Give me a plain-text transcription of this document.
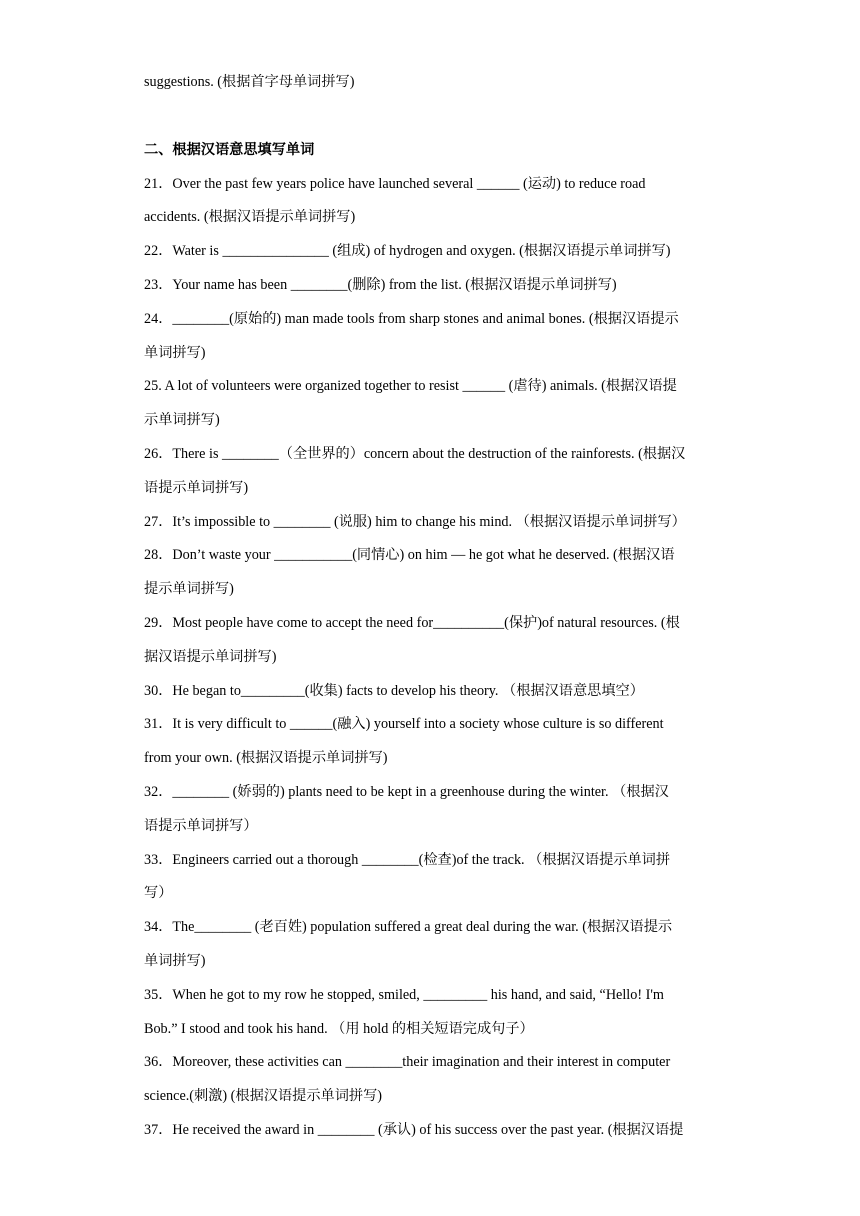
suggestions. (根据首字母单词拼写)
二、根据汉语意思填写单词
21．Over the past few years police have launched several ______ (运动) to reduce road
accidents. (根据汉语提示单词拼写)
22．Water is _______________ (组成) of hydrogen and oxygen. (根据汉语提示单词拼写)
23．Your name has been ________(删除) from the list. (根据汉语提示单词拼写)
24．________(原始的) man made tools from sharp stones and animal bones. (根据汉语提示
单词拼写)
25. A lot of volunteers were organized together to resist ______ (虐待) animals. (根据汉语提
示单词拼写)
26．There is ________（全世界的）concern about the destruction of the rainforests. (根据汉
语提示单词拼写)
27．It’s impossible to ________ (说服) him to change his mind. （根据汉语提示单词拼写）
28．Don’t waste your ___________(同情心) on him — he got what he deserved. (根据汉语
提示单词拼写)
29．Most people have come to accept the need for__________(保护)of natural resources. (根
据汉语提示单词拼写)
30．He began to_________(收集) facts to develop his theory. （根据汉语意思填空）
31．It is very difficult to ______(融入) yourself into a society whose culture is so different
from your own. (根据汉语提示单词拼写)
32．________ (娇弱的) plants need to be kept in a greenhouse during the winter. （根据汉
语提示单词拼写）
33．Engineers carried out a thorough ________(检查)of the track. （根据汉语提示单词拼
写）
34．The________ (老百姓) population suffered a great deal during the war. (根据汉语提示
单词拼写)
35．When he got to my row he stopped, smiled, _________ his hand, and said, “Hello! I'm
Bob.” I stood and took his hand. （用 hold 的相关短语完成句子）
36．Moreover, these activities can ________their imagination and their interest in computer
science.(刺激) (根据汉语提示单词拼写)
37．He received the award in ________ (承认) of his success over the past year. (根据汉语提
